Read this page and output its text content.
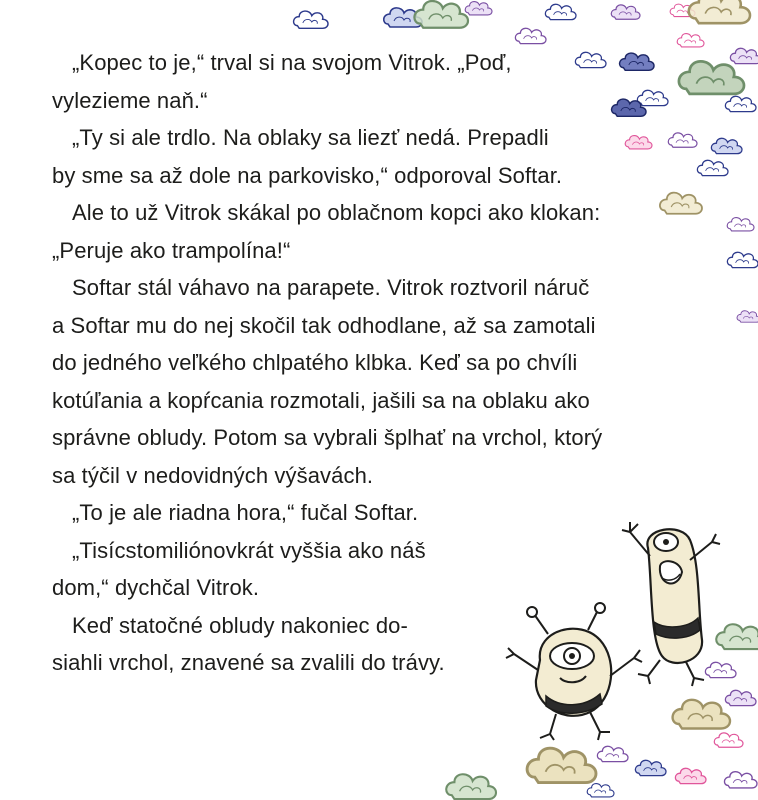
„Kopec to je,“ trval si na svojom Vitrok. „Poď,
vylezieme naň.“
„Ty si ale trdlo. Na oblaky sa liezť nedá. Prepadli
by sme sa až dole na parkovisko,“ odporoval Softar.
Ale to už Vitrok skákal po oblačnom kopci ako klokan:
„Peruje ako trampolína!“
Softar stál váhavo na parapete. Vitrok roztvoril náruč
a Softar mu do nej skočil tak odhodlane, až sa zamotali
do jedného veľkého chlpatého klbka. Keď sa po chvíli
kotúľania a kopŕcania rozmotali, jašili sa na oblaku ako
správne obludy. Potom sa vybrali šplhať na vrchol, ktorý
sa týčil v nedovidných výšavách.
„To je ale riadna hora,“ fučal Softar.
„Tisícstomiliónovkrát vyššia ako náš
dom,“ dychčal Vitrok.
Keď statočné obludy nakoniec do-
siahli vrchol, znavené sa zvalili do trávy.
